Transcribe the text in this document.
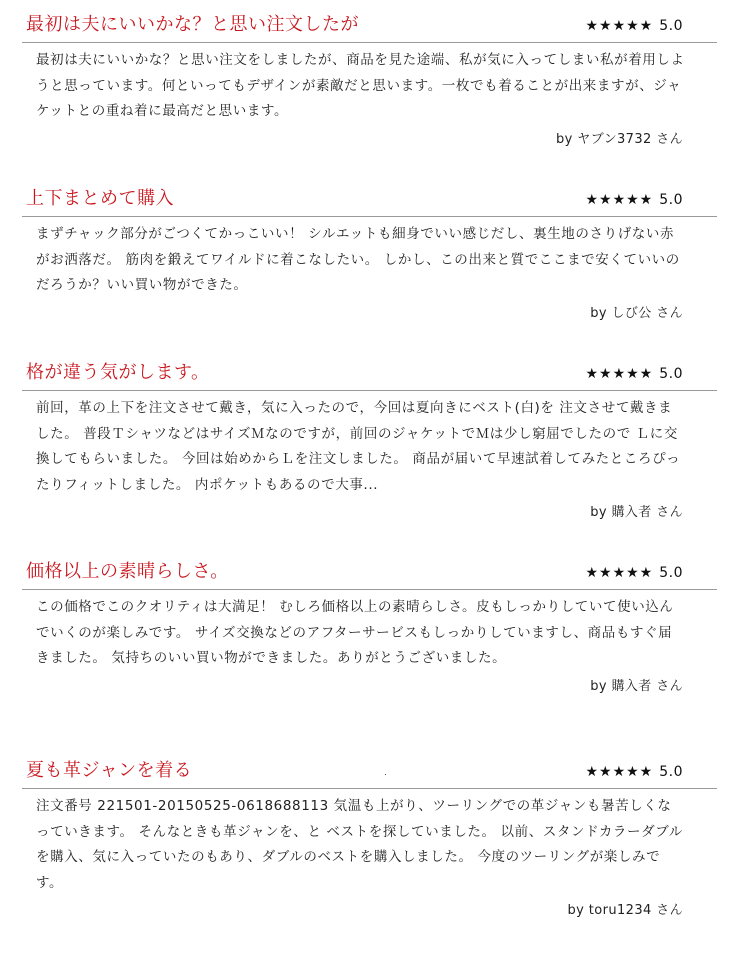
最初は夫にいいかな？と思い注文したが	★★★★★ 5.0
最初は夫にいいかな？と思い注文をしましたが、商品を見た途端、私が気に入ってしまい私が着用しようと思っています。何といってもデザインが素敵だと思います。一枚でも着ることが出来ますが、ジャケットとの重ね着に最高だと思います。
by ヤブン3732 さん
上下まとめて購入	★★★★★ 5.0
まずチャック部分がごつくてかっこいい！ シルエットも細身でいい感じだし、裏生地のさりげない赤がお洒落だ。 筋肉を鍛えてワイルドに着こなしたい。 しかし、この出来と質でここまで安くていいのだろうか？いい買い物ができた。
by しび公 さん
格が違う気がします。	★★★★★ 5.0
前回，革の上下を注文させて戴き，気に入ったので，今回は夏向きにベスト(白)を 注文させて戴きました。 普段ＴシャツなどはサイズＭなのですが，前回のジャケットでＭは少し窮屈でしたので Ｌに交換してもらいました。 今回は始めからＬを注文しました。 商品が届いて早速試着してみたところぴったりフィットしました。 内ポケットもあるので大事...
by 購入者 さん
価格以上の素晴らしさ。	★★★★★ 5.0
この価格でこのクオリティは大満足！ むしろ価格以上の素晴らしさ。皮もしっかりしていて使い込んでいくのが楽しみです。 サイズ交換などのアフターサービスもしっかりしていますし、商品もすぐ届きました。 気持ちのいい買い物ができました。ありがとうございました。
by 購入者 さん
夏も革ジャンを着る	★★★★★ 5.0
注文番号 221501-20150525-0618688113 気温も上がり、ツーリングでの革ジャンも暑苦しくなっていきます。 そんなときも革ジャンを、と ベストを探していました。 以前、スタンドカラーダブルを購入、気に入っていたのもあり、ダブルのベストを購入しました。 今度のツーリングが楽しみです。
by toru1234 さん
